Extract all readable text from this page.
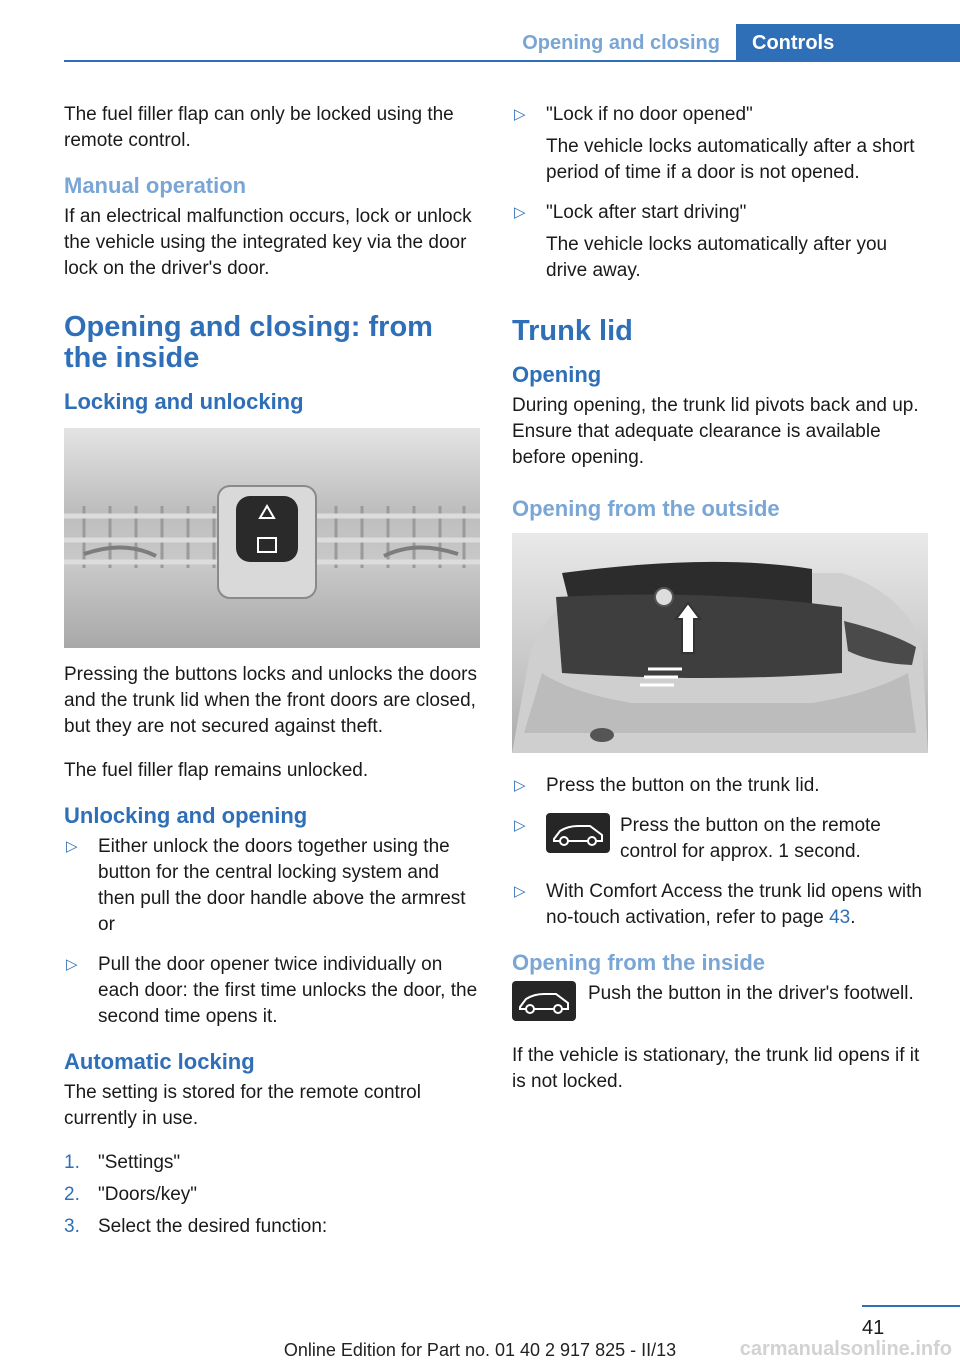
Opening and closing	Controls

The fuel filler flap can only be locked using the remote control.

Manual operation

If an electrical malfunction occurs, lock or unlock the vehicle using the integrated key via the door lock on the driver's door.

Opening and closing: from the inside
Locking and unlocking

Pressing the buttons locks and unlocks the doors and the trunk lid when the front doors are closed, but they are not secured against theft.

The fuel filler flap remains unlocked.

Unlocking and opening
▷ Either unlock the doors together using the button for the central locking system and then pull the door handle above the armrest or
▷ Pull the door opener twice individually on each door: the first time unlocks the door, the second time opens it.
Automatic locking

The setting is stored for the remote control currently in use.

1. "Settings"
2. "Doors/key"
3. Select the desired function:
▷ "Lock if no door opened"
The vehicle locks automatically after a short period of time if a door is not opened.
▷ "Lock after start driving"
The vehicle locks automatically after you drive away.
Trunk lid
Opening

During opening, the trunk lid pivots back and up. Ensure that adequate clearance is available before opening.

Opening from the outside
▷ Press the button on the trunk lid.
▷	Press the button on the remote control for approx. 1 second.
▷ With Comfort Access the trunk lid opens with no-touch activation, refer to page 43.
Opening from the inside
Push the button in the driver's footwell.

If the vehicle is stationary, the trunk lid opens if it is not locked.

41
Online Edition for Part no. 01 40 2 917 825 - II/13	carmanualsonline.info
